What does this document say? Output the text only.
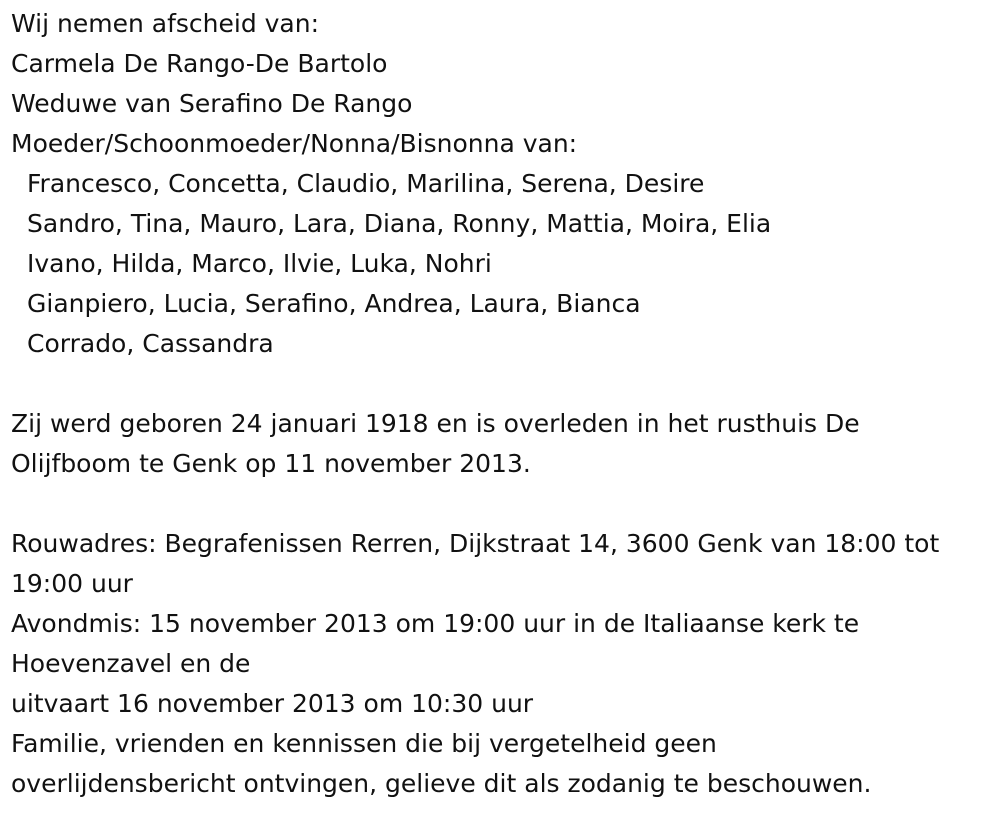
Wij nemen afscheid van:
Carmela De Rango-De Bartolo
Weduwe van Serafino De Rango
Moeder/Schoonmoeder/Nonna/Bisnonna van:
Francesco, Concetta, Claudio, Marilina, Serena, Desire
Sandro, Tina, Mauro, Lara, Diana, Ronny, Mattia, Moira, Elia
Ivano, Hilda, Marco, Ilvie, Luka, Nohri
Gianpiero, Lucia, Serafino, Andrea, Laura, Bianca
Corrado, Cassandra
Zij werd geboren 24 januari 1918 en is overleden in het rusthuis De
Olijfboom te Genk op 11 november 2013.
Rouwadres: Begrafenissen Rerren, Dijkstraat 14, 3600 Genk van 18:00 tot
19:00 uur
Avondmis: 15 november 2013 om 19:00 uur in de Italiaanse kerk te
Hoevenzavel en de
uitvaart 16 november 2013 om 10:30 uur
Familie, vrienden en kennissen die bij vergetelheid geen
overlijdensbericht ontvingen, gelieve dit als zodanig te beschouwen.
